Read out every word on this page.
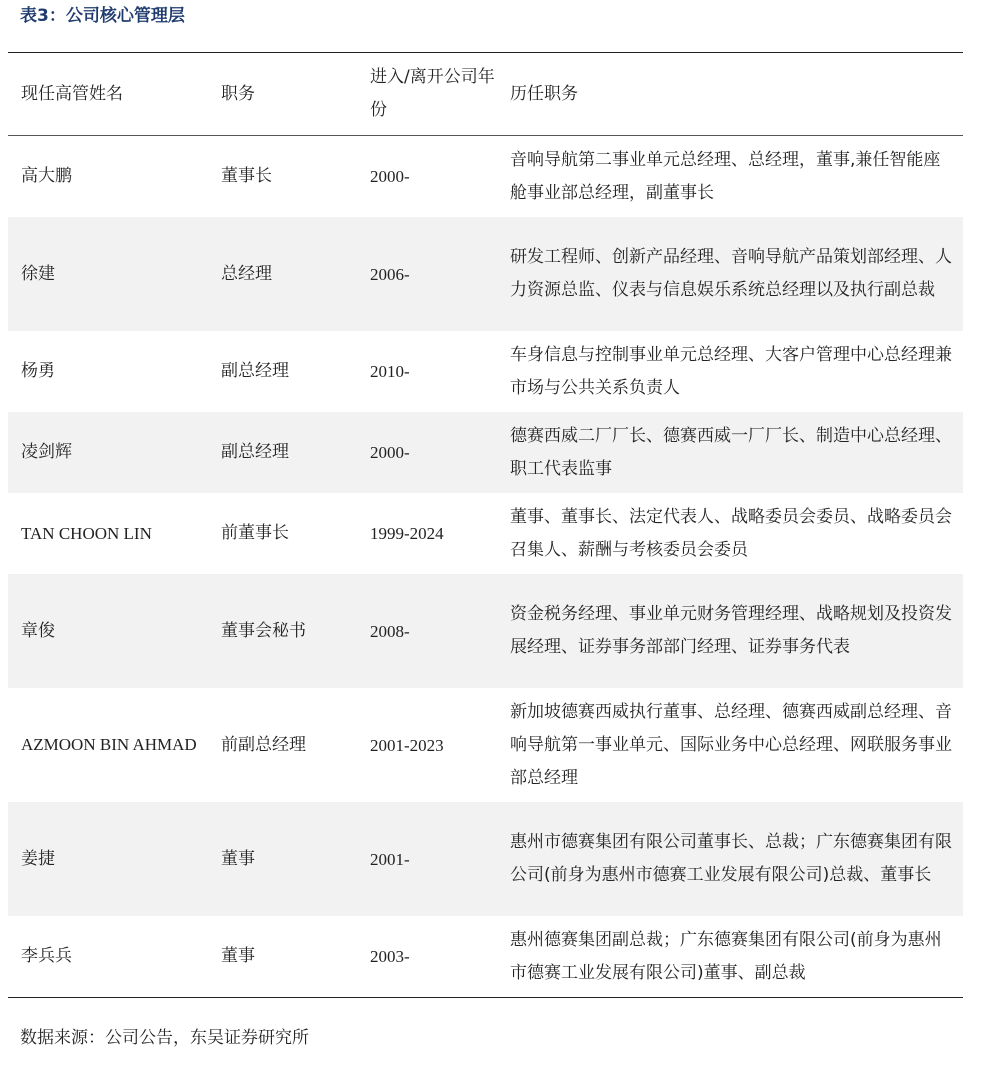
表3：公司核心管理层
现任高管姓名	职务
进入/离开公司年份
历任职务
高大鹏	董事长	2000-
音响导航第二事业单元总经理、总经理，董事,兼任智能座舱事业部总经理，副董事长
徐建	总经理	2006-
研发工程师、创新产品经理、音响导航产品策划部经理、人力资源总监、仪表与信息娱乐系统总经理以及执行副总裁
杨勇	副总经理	2010-
车身信息与控制事业单元总经理、大客户管理中心总经理兼市场与公共关系负责人
凌剑辉	副总经理	2000-
德赛西威二厂厂长、德赛西威一厂厂长、制造中心总经理、职工代表监事
TAN CHOON LIN	前董事长	1999-2024
董事、董事长、法定代表人、战略委员会委员、战略委员会召集人、薪酬与考核委员会委员
章俊	董事会秘书	2008-
资金税务经理、事业单元财务管理经理、战略规划及投资发展经理、证券事务部部门经理、证券事务代表
AZMOON BIN AHMAD	前副总经理	2001-2023
新加坡德赛西威执行董事、总经理、德赛西威副总经理、音响导航第一事业单元、国际业务中心总经理、网联服务事业部总经理
姜捷	董事	2001-
惠州市德赛集团有限公司董事长、总裁；广东德赛集团有限公司(前身为惠州市德赛工业发展有限公司)总裁、董事长
李兵兵	董事	2003-
惠州德赛集团副总裁；广东德赛集团有限公司(前身为惠州市德赛工业发展有限公司)董事、副总裁
数据来源：公司公告，东吴证券研究所
